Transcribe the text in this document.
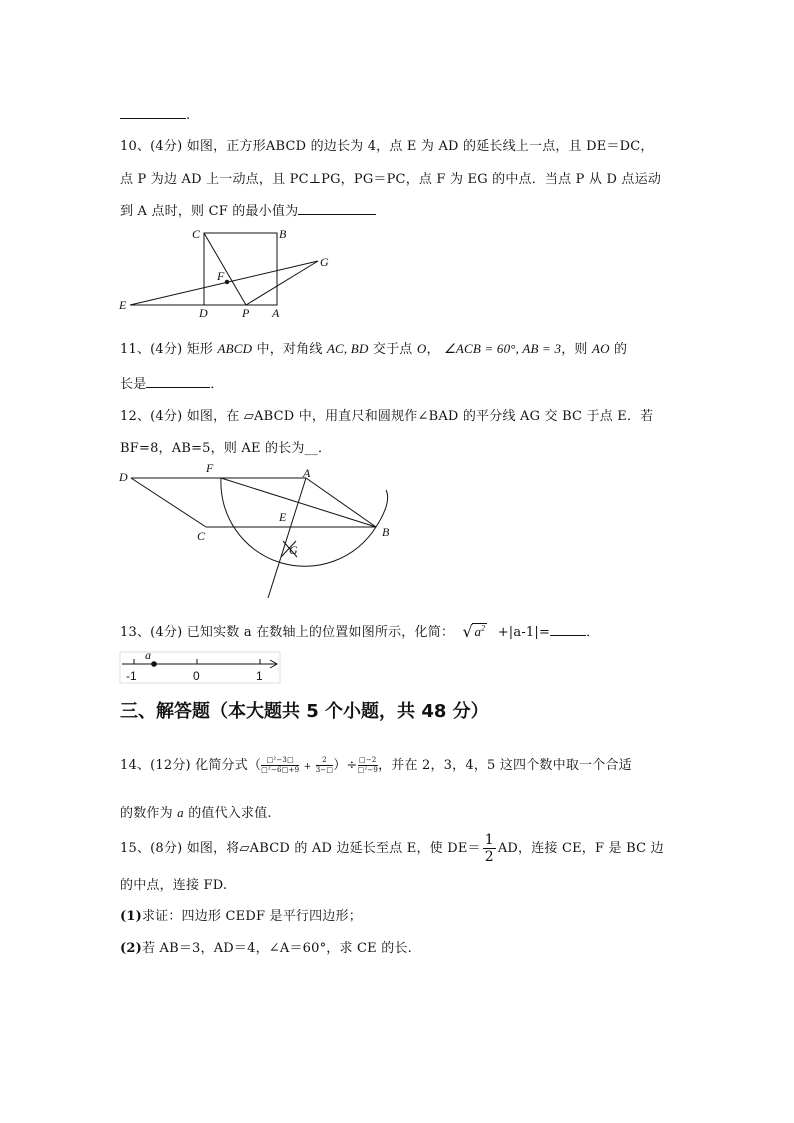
.
10、(4分) 如图，正方形ABCD 的边长为 4，点 E 为 AD 的延长线上一点，且 DE＝DC，
点 P 为边 AD 上一动点，且 PC⊥PG，PG＝PC，点 F 为 EG 的中点．当点 P 从 D 点运动
到 A 点时，则 CF 的最小值为
C	B
G
F
E
D	P A
11、(4分) 矩形 ABCD 中，对角线 AC, BD 交于点 O， ∠ACB = 60°, AB = 3，则 AO 的
长是	．
12、(4分) 如图，在 ▱ABCD 中，用直尺和圆规作∠BAD 的平分线 AG 交 BC 于点 E．若
BF=8，AB=5，则 AE 的长为__．
D
F	A
E
B
C
G
13、(4分) 已知实数 a 在数轴上的位置如图所示，化简： √ $a^2 +|a-1|=$	．
a
-1	0	1
三、解答题（本大题共 5 个小题，共 48 分）
14、(12分) 化简分式（ $\frac{\text{□²−3□}}{\text{□²−6□+9}} + \frac{2}{3-□}$ ）÷ $\frac{□-2}{\text{□²−9}}$ ，并在 2，3，4，5 这四个数中取一个合适
的数作为 a 的值代入求值.
15、(8分) 如图，将▱ABCD 的 AD 边延长至点 E，使 $DE= \frac{1}{2}$ AD，连接 CE，F 是 BC 边
的中点，连接 FD.
(1)求证：四边形 CEDF 是平行四边形；
(2)若 AB＝3，AD＝4，∠A＝60°，求 CE 的长.
